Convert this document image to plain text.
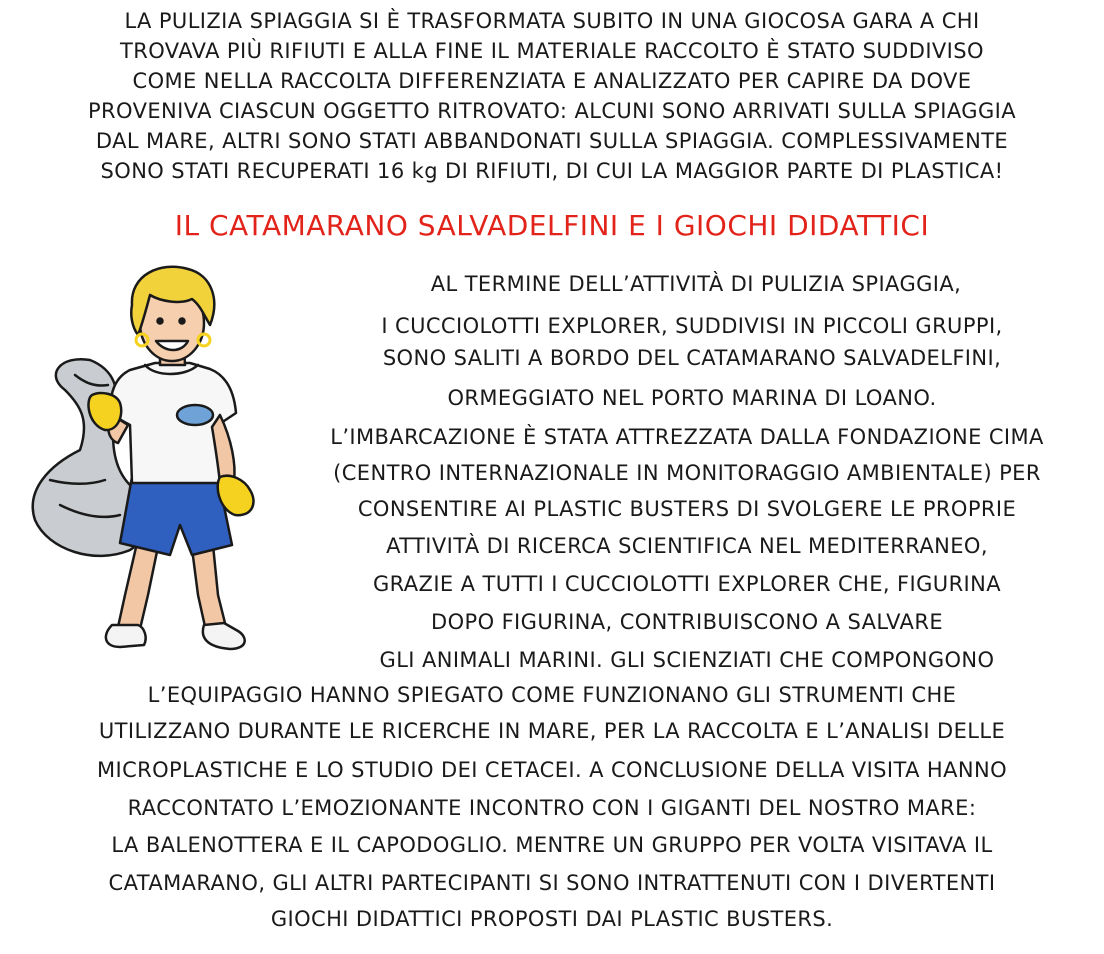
LA PULIZIA SPIAGGIA SI È TRASFORMATA SUBITO IN UNA GIOCOSA GARA A CHI
TROVAVA PIÙ RIFIUTI E ALLA FINE IL MATERIALE RACCOLTO È STATO SUDDIVISO
COME NELLA RACCOLTA DIFFERENZIATA E ANALIZZATO PER CAPIRE DA DOVE
PROVENIVA CIASCUN OGGETTO RITROVATO: ALCUNI SONO ARRIVATI SULLA SPIAGGIA
DAL MARE, ALTRI SONO STATI ABBANDONATI SULLA SPIAGGIA. COMPLESSIVAMENTE
SONO STATI RECUPERATI 16 kg DI RIFIUTI, DI CUI LA MAGGIOR PARTE DI PLASTICA!
IL CATAMARANO SALVADELFINI E I GIOCHI DIDATTICI
AL TERMINE DELL’ATTIVITÀ DI PULIZIA SPIAGGIA,
I CUCCIOLOTTI EXPLORER, SUDDIVISI IN PICCOLI GRUPPI,
SONO SALITI A BORDO DEL CATAMARANO SALVADELFINI,
ORMEGGIATO NEL PORTO MARINA DI LOANO.
L’IMBARCAZIONE È STATA ATTREZZATA DALLA FONDAZIONE CIMA
(CENTRO INTERNAZIONALE IN MONITORAGGIO AMBIENTALE) PER
CONSENTIRE AI PLASTIC BUSTERS DI SVOLGERE LE PROPRIE
ATTIVITÀ DI RICERCA SCIENTIFICA NEL MEDITERRANEO,
GRAZIE A TUTTI I CUCCIOLOTTI EXPLORER CHE, FIGURINA
DOPO FIGURINA, CONTRIBUISCONO A SALVARE
GLI ANIMALI MARINI. GLI SCIENZIATI CHE COMPONGONO
L’EQUIPAGGIO HANNO SPIEGATO COME FUNZIONANO GLI STRUMENTI CHE
UTILIZZANO DURANTE LE RICERCHE IN MARE, PER LA RACCOLTA E L’ANALISI DELLE
MICROPLASTICHE E LO STUDIO DEI CETACEI. A CONCLUSIONE DELLA VISITA HANNO
RACCONTATO L’EMOZIONANTE INCONTRO CON I GIGANTI DEL NOSTRO MARE:
LA BALENOTTERA E IL CAPODOGLIO. MENTRE UN GRUPPO PER VOLTA VISITAVA IL
CATAMARANO, GLI ALTRI PARTECIPANTI SI SONO INTRATTENUTI CON I DIVERTENTI
GIOCHI DIDATTICI PROPOSTI DAI PLASTIC BUSTERS.
